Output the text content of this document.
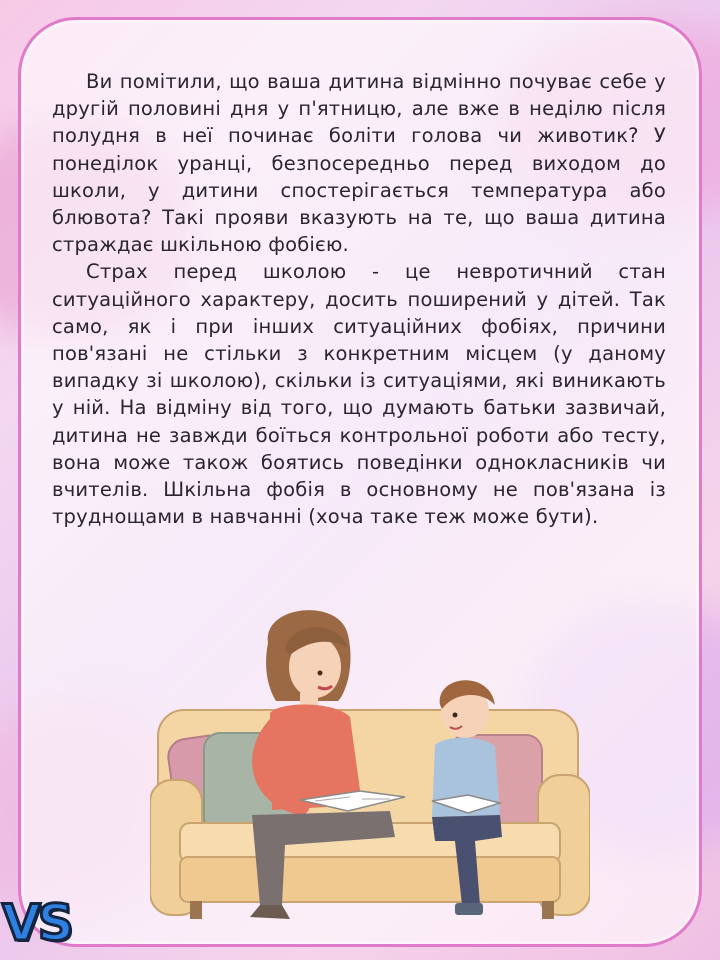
Ви помітили, що ваша дитина відмінно почуває себе у другій половині дня у п'ятницю, але вже в неділю після полудня в неї починає боліти голова чи животик? У понеділок уранці, безпосередньо перед виходом до школи, у дитини спостерігається температура або блювота? Такі прояви вказують на те, що ваша дитина страждає шкільною фобією.

Страх перед школою - це невротичний стан ситуаційного характеру, досить поширений у дітей. Так само, як і при інших ситуаційних фобіях, причини пов'язані не стільки з конкретним місцем (у даному випадку зі школою), скільки із ситуаціями, які виникають у ній. На відміну від того, що думають батьки зазвичай, дитина не завжди боїться контрольної роботи або тесту, вона може також боятись поведінки однокласників чи вчителів. Шкільна фобія в основному не пов'язана із труднощами в навчанні (хоча таке теж може бути).

VS
